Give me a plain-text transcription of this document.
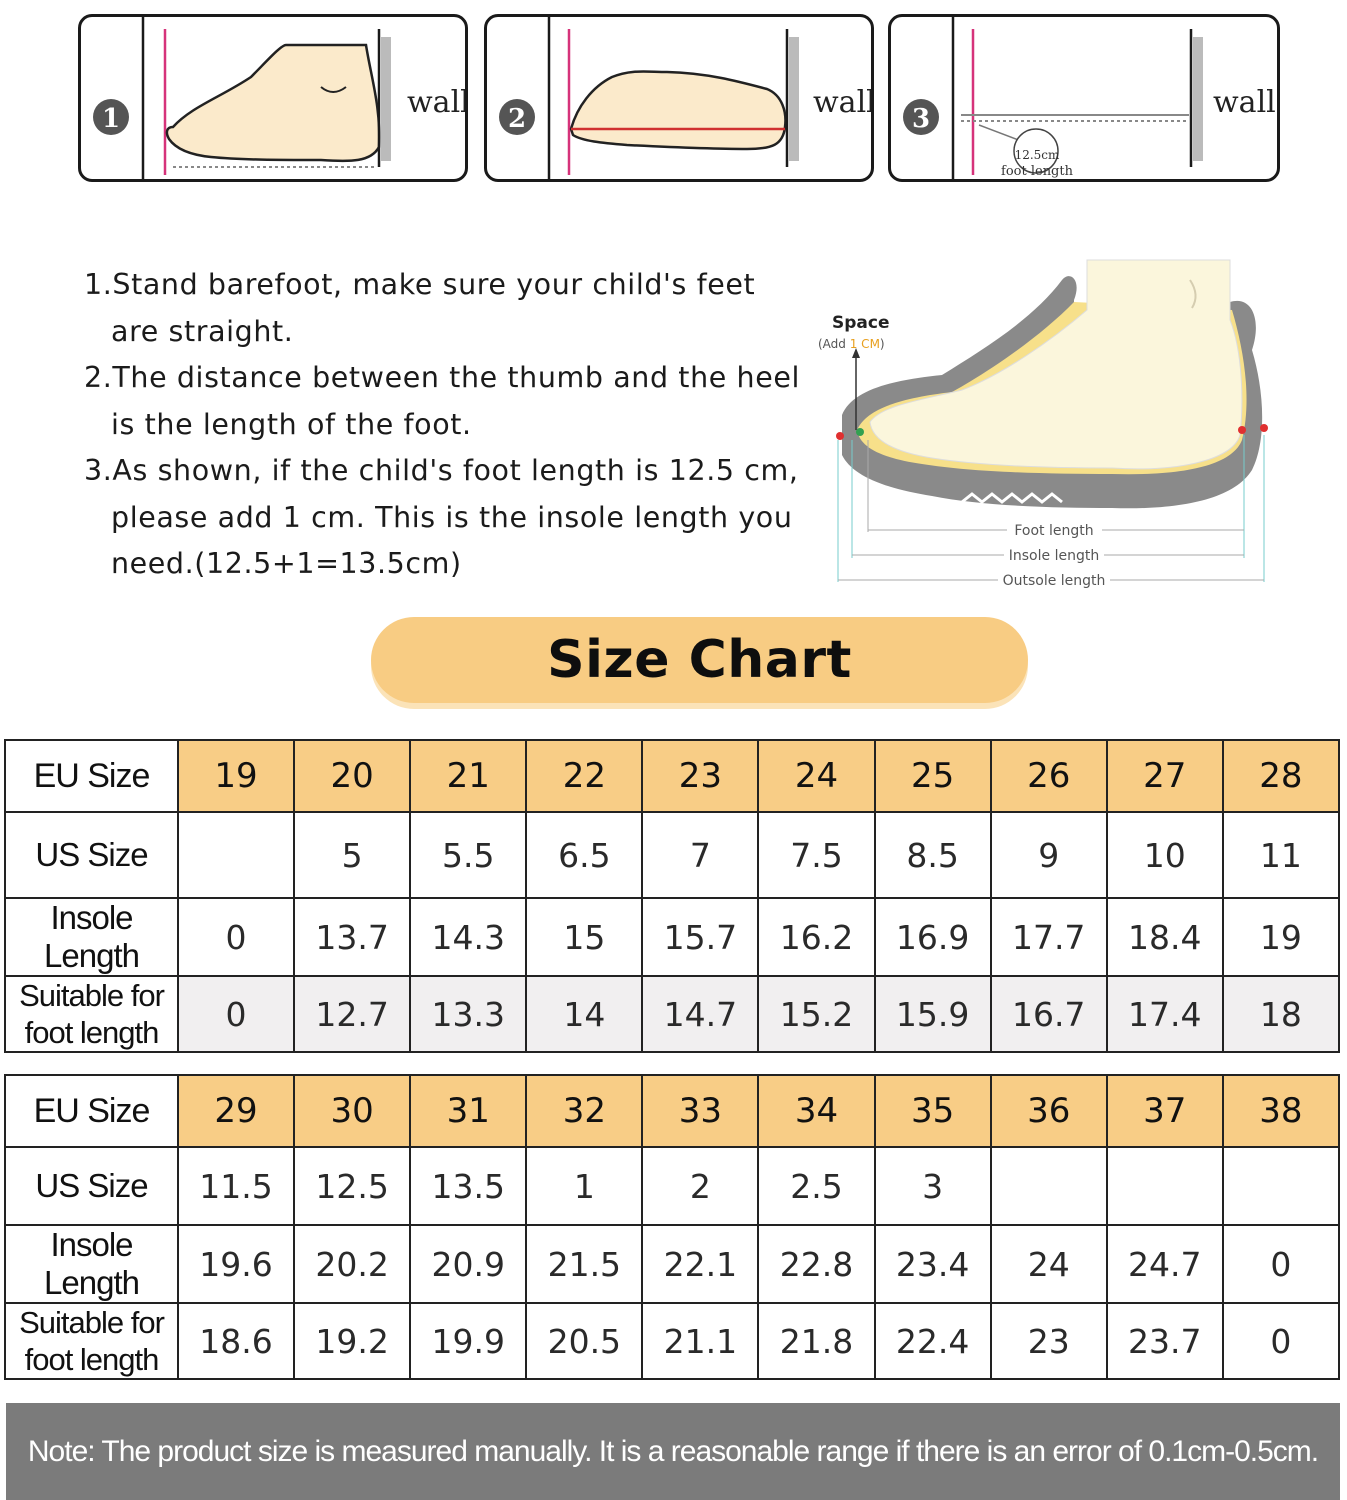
1	wall 2	wall 3
12.5cm
foot length
wall
1.Stand barefoot, make sure your child's feet
are straight.
2.The distance between the thumb and the heel
is the length of the foot.
3.As shown, if the child's foot length is 12.5 cm,
please add 1 cm. This is the insole length you
need.(12.5+1=13.5cm)
Space
(Add 1 CM)
Foot length
Insole length
Outsole length
Size Chart
EU Size	19	20	21	22	23	24	25	26	27	28
US Size		5	5.5	6.5	7	7.5	8.5	9	10	11
Insole Length	0	13.7	14.3	15	15.7	16.2	16.9	17.7	18.4	19

Suitable for
foot length	0	12.7	13.3	14	14.7	15.2	15.9	16.7	17.4	18
EU Size	29	30	31	32	33	34	35	36	37	38
US Size	11.5	12.5	13.5	1	2	2.5	3			
Insole Length	19.6	20.2	20.9	21.5	22.1	22.8	23.4	24	24.7	0

Suitable for
foot length	18.6	19.2	19.9	20.5	21.1	21.8	22.4	23	23.7	0
Note: The product size is measured manually. It is a reasonable range if there is an error of 0.1cm-0.5cm.
